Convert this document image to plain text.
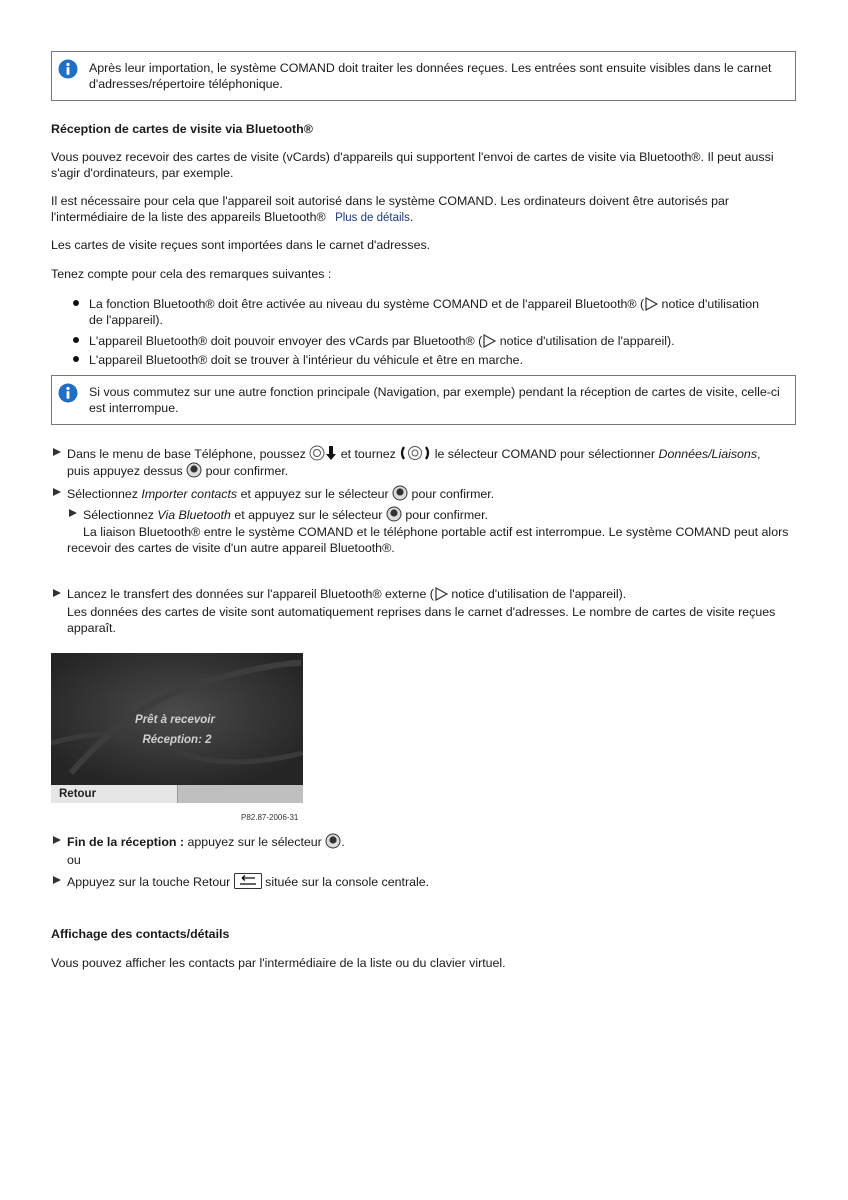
Après leur importation, le système COMAND doit traiter les données reçues. Les entrées sont ensuite visibles dans le carnet d'adresses/répertoire téléphonique.
Réception de cartes de visite via Bluetooth®
Vous pouvez recevoir des cartes de visite (vCards) d'appareils qui supportent l'envoi de cartes de visite via Bluetooth®. Il peut aussi s'agir d'ordinateurs, par exemple.
Il est nécessaire pour cela que l'appareil soit autorisé dans le système COMAND. Les ordinateurs doivent être autorisés par l'intermédiaire de la liste des appareils Bluetooth® Plus de détails.
Les cartes de visite reçues sont importées dans le carnet d'adresses.
Tenez compte pour cela des remarques suivantes :
La fonction Bluetooth® doit être activée au niveau du système COMAND et de l'appareil Bluetooth® ( notice d'utilisation
de l'appareil).
L'appareil Bluetooth® doit pouvoir envoyer des vCards par Bluetooth® ( notice d'utilisation de l'appareil).
L'appareil Bluetooth® doit se trouver à l'intérieur du véhicule et être en marche.
Si vous commutez sur une autre fonction principale (Navigation, par exemple) pendant la réception de cartes de visite, celle-ci est interrompue.
Dans le menu de base Téléphone, poussez  et tournez	le sélecteur COMAND pour sélectionner Données/Liaisons,
puis appuyez dessus  pour confirmer.
Sélectionnez Importer contacts et appuyez sur le sélecteur  pour confirmer.
Sélectionnez Via Bluetooth et appuyez sur le sélecteur  pour confirmer.
La liaison Bluetooth® entre le système COMAND et le téléphone portable actif est interrompue. Le système COMAND peut alors recevoir des cartes de visite d'un autre appareil Bluetooth®.
Lancez le transfert des données sur l'appareil Bluetooth® externe ( notice d'utilisation de l'appareil).
Les données des cartes de visite sont automatiquement reprises dans le carnet d'adresses. Le nombre de cartes de visite reçues apparaît.
Prêt à recevoir
Réception: 2
Retour
P82.87-2006-31
Fin de la réception : appuyez sur le sélecteur .
ou
Appuyez sur la touche Retour  située sur la console centrale.
Affichage des contacts/détails
Vous pouvez afficher les contacts par l'intermédiaire de la liste ou du clavier virtuel.
